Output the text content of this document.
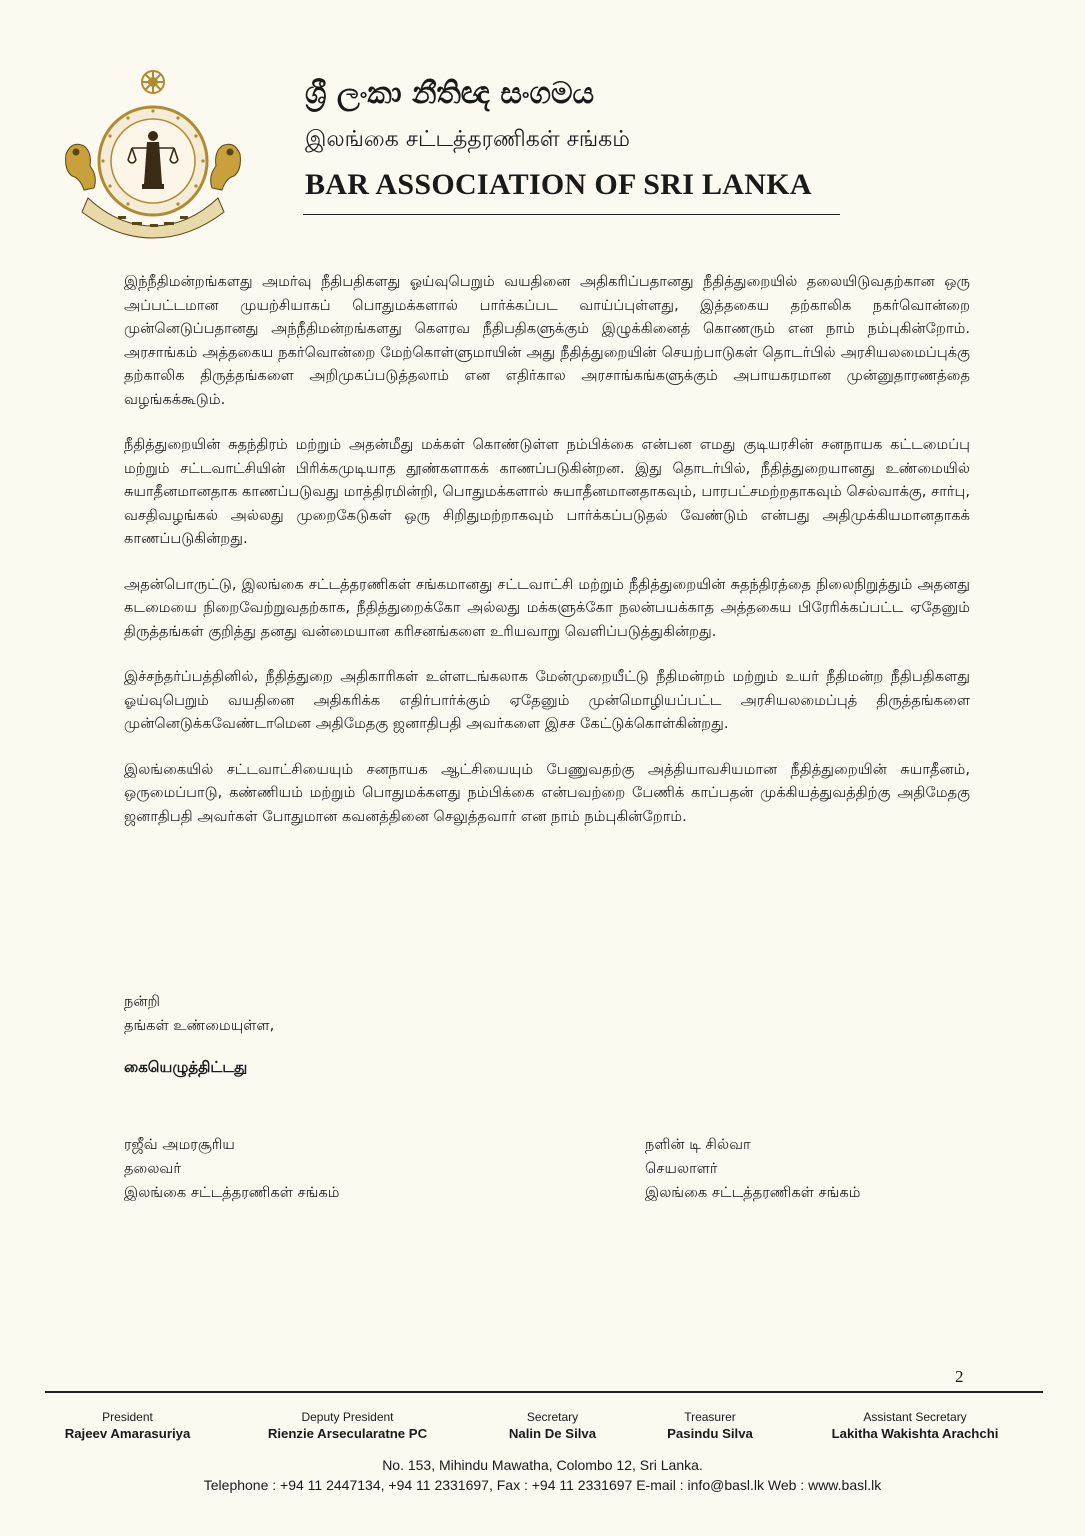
ශ්‍රී ලංකා නීතිඥ සංගමය
இலங்கை சட்டத்தரணிகள் சங்கம்
BAR ASSOCIATION OF SRI LANKA

இந்நீதிமன்றங்களது அமர்வு நீதிபதிகளது ஓய்வுபெறும் வயதினை அதிகரிப்பதானது நீதித்துறையில் தலையிடுவதற்கான ஒரு அப்பட்டமான முயற்சியாகப் பொதுமக்களால் பார்க்கப்பட வாய்ப்புள்ளது, இத்தகைய தற்காலிக நகர்வொன்றை முன்னெடுப்பதானது அந்நீதிமன்றங்களது கௌரவ நீதிபதிகளுக்கும் இழுக்கினைத் கொணரும் என நாம் நம்புகின்றோம். அரசாங்கம் அத்தகைய நகர்வொன்றை மேற்கொள்ளுமாயின் அது நீதித்துறையின் செயற்பாடுகள் தொடர்பில் அரசியலமைப்புக்கு தற்காலிக திருத்தங்களை அறிமுகப்படுத்தலாம் என எதிர்கால அரசாங்கங்களுக்கும் அபாயகரமான முன்னுதாரணத்தை வழங்கக்கூடும்.

நீதித்துறையின் சுதந்திரம் மற்றும் அதன்மீது மக்கள் கொண்டுள்ள நம்பிக்கை என்பன எமது குடியரசின் சனநாயக கட்டமைப்பு மற்றும் சட்டவாட்சியின் பிரிக்கமுடியாத தூண்களாகக் காணப்படுகின்றன. இது தொடர்பில், நீதித்துறையானது உண்மையில் சுயாதீனமானதாக காணப்படுவது மாத்திரமின்றி, பொதுமக்களால் சுயாதீனமானதாகவும், பாரபட்சமற்றதாகவும் செல்வாக்கு, சார்பு, வசதிவழங்கல் அல்லது முறைகேடுகள் ஒரு சிறிதுமற்றாகவும் பார்க்கப்படுதல் வேண்டும் என்பது அதிமுக்கியமானதாகக் காணப்படுகின்றது.

அதன்பொருட்டு, இலங்கை சட்டத்தரணிகள் சங்கமானது சட்டவாட்சி மற்றும் நீதித்துறையின் சுதந்திரத்தை நிலைநிறுத்தும் அதனது கடமையை நிறைவேற்றுவதற்காக, நீதித்துறைக்கோ அல்லது மக்களுக்கோ நலன்பயக்காத அத்தகைய பிரேரிக்கப்பட்ட ஏதேனும் திருத்தங்கள் குறித்து தனது வன்மையான கரிசனங்களை உரியவாறு வெளிப்படுத்துகின்றது.

இச்சந்தர்ப்பத்தினில், நீதித்துறை அதிகாரிகள் உள்ளடங்கலாக மேன்முறையீட்டு நீதிமன்றம் மற்றும் உயர் நீதிமன்ற நீதிபதிகளது ஓய்வுபெறும் வயதினை அதிகரிக்க எதிர்பார்க்கும் ஏதேனும் முன்மொழியப்பட்ட அரசியலமைப்புத் திருத்தங்களை முன்னெடுக்கவேண்டாமென அதிமேதகு ஜனாதிபதி அவர்களை இசச கேட்டுக்கொள்கின்றது.

இலங்கையில் சட்டவாட்சியையும் சனநாயக ஆட்சியையும் பேணுவதற்கு அத்தியாவசியமான நீதித்துறையின் சுயாதீனம், ஒருமைப்பாடு, கண்ணியம் மற்றும் பொதுமக்களது நம்பிக்கை என்பவற்றை பேணிக் காப்பதன் முக்கியத்துவத்திற்கு அதிமேதகு ஜனாதிபதி அவர்கள் போதுமான கவனத்தினை செலுத்தவார் என நாம் நம்புகின்றோம்.

நன்றி
தங்கள் உண்மையுள்ள,
கையெழுத்திட்டது
ரஜீவ் அமரசூரிய
தலைவர்
இலங்கை சட்டத்தரணிகள் சங்கம்
நளின் டி சில்வா
செயலாளர்
இலங்கை சட்டத்தரணிகள் சங்கம்
2
President
Rajeev Amarasuriya
Deputy President
Rienzie Arsecularatne PC
Secretary
Nalin De Silva
Treasurer
Pasindu Silva
Assistant Secretary
Lakitha Wakishta Arachchi
No. 153, Mihindu Mawatha, Colombo 12, Sri Lanka.
Telephone : +94 11 2447134, +94 11 2331697, Fax : +94 11 2331697 E-mail : info@basl.lk Web : www.basl.lk
